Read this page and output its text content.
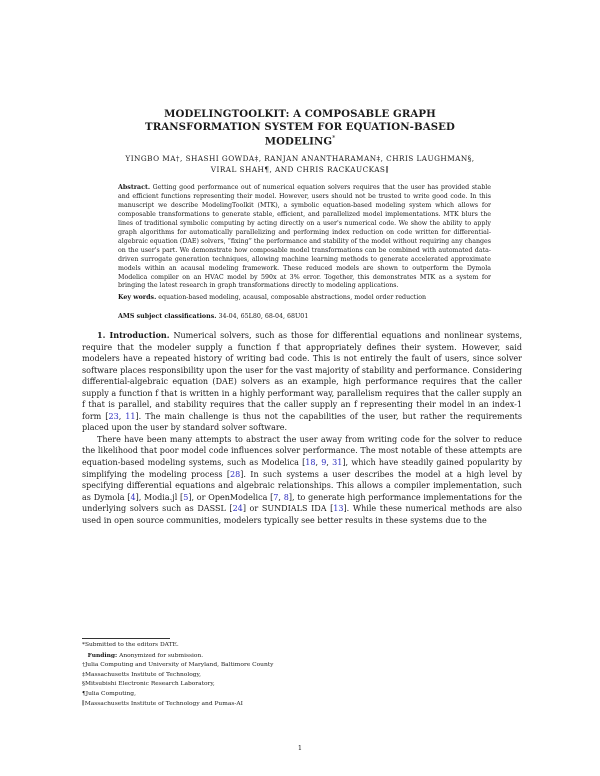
MODELINGTOOLKIT: A COMPOSABLE GRAPH
TRANSFORMATION SYSTEM FOR EQUATION-BASED
MODELING*
YINGBO MA†, SHASHI GOWDA‡, RANJAN ANANTHARAMAN‡, CHRIS LAUGHMAN§,
VIRAL SHAH¶, AND CHRIS RACKAUCKAS∥
Abstract. Getting good performance out of numerical equation solvers requires that the user has provided stable and efficient functions representing their model. However, users should not be trusted to write good code. In this manuscript we describe ModelingToolkit (MTK), a symbolic equation-based modeling system which allows for composable transformations to generate stable, efficient, and parallelized model implementations. MTK blurs the lines of traditional symbolic computing by acting directly on a user's numerical code. We show the ability to apply graph algorithms for automatically parallelizing and performing index reduction on code written for differential-algebraic equation (DAE) solvers, “fixing” the performance and stability of the model without requiring any changes on the user's part. We demonstrate how composable model transformations can be combined with automated data-driven surrogate generation techniques, allowing machine learning methods to generate accelerated approximate models within an acausal modeling framework. These reduced models are shown to outperform the Dymola Modelica compiler on an HVAC model by 590x at 3% error. Together, this demonstrates MTK as a system for bringing the latest research in graph transformations directly to modeling applications.
Key words. equation-based modeling, acausal, composable abstractions, model order reduction
AMS subject classifications. 34-04, 65L80, 68-04, 68U01

1. Introduction. Numerical solvers, such as those for differential equations and nonlinear systems, require that the modeler supply a function f that appropriately defines their system. However, said modelers have a repeated history of writing bad code. This is not entirely the fault of users, since solver software places responsibility upon the user for the vast majority of stability and performance. Considering differential-algebraic equation (DAE) solvers as an example, high performance requires that the caller supply a function f that is written in a highly performant way, parallelism requires that the caller supply an f that is parallel, and stability requires that the caller supply an f representing their model in an index-1 form [23, 11]. The main challenge is thus not the capabilities of the user, but rather the requirements placed upon the user by standard solver software.

There have been many attempts to abstract the user away from writing code for the solver to reduce the likelihood that poor model code influences solver performance. The most notable of these attempts are equation-based modeling systems, such as Modelica [18, 9, 31], which have steadily gained popularity by simplifying the modeling process [28]. In such systems a user describes the model at a high level by specifying differential equations and algebraic relationships. This allows a compiler implementation, such as Dymola [4], Modia.jl [5], or OpenModelica [7, 8], to generate high performance implementations for the underlying solvers such as DASSL [24] or SUNDIALS IDA [13]. While these numerical methods are also used in open source communities, modelers typically see better results in these systems due to the

*Submitted to the editors DATE.
Funding: Anonymized for submission.
†Julia Computing and University of Maryland, Baltimore County
‡Massachusetts Institute of Technology,
§Mitsubishi Electronic Research Laboratory,
¶Julia Computing,
∥Massachusetts Institute of Technology and Pumas-AI
1
